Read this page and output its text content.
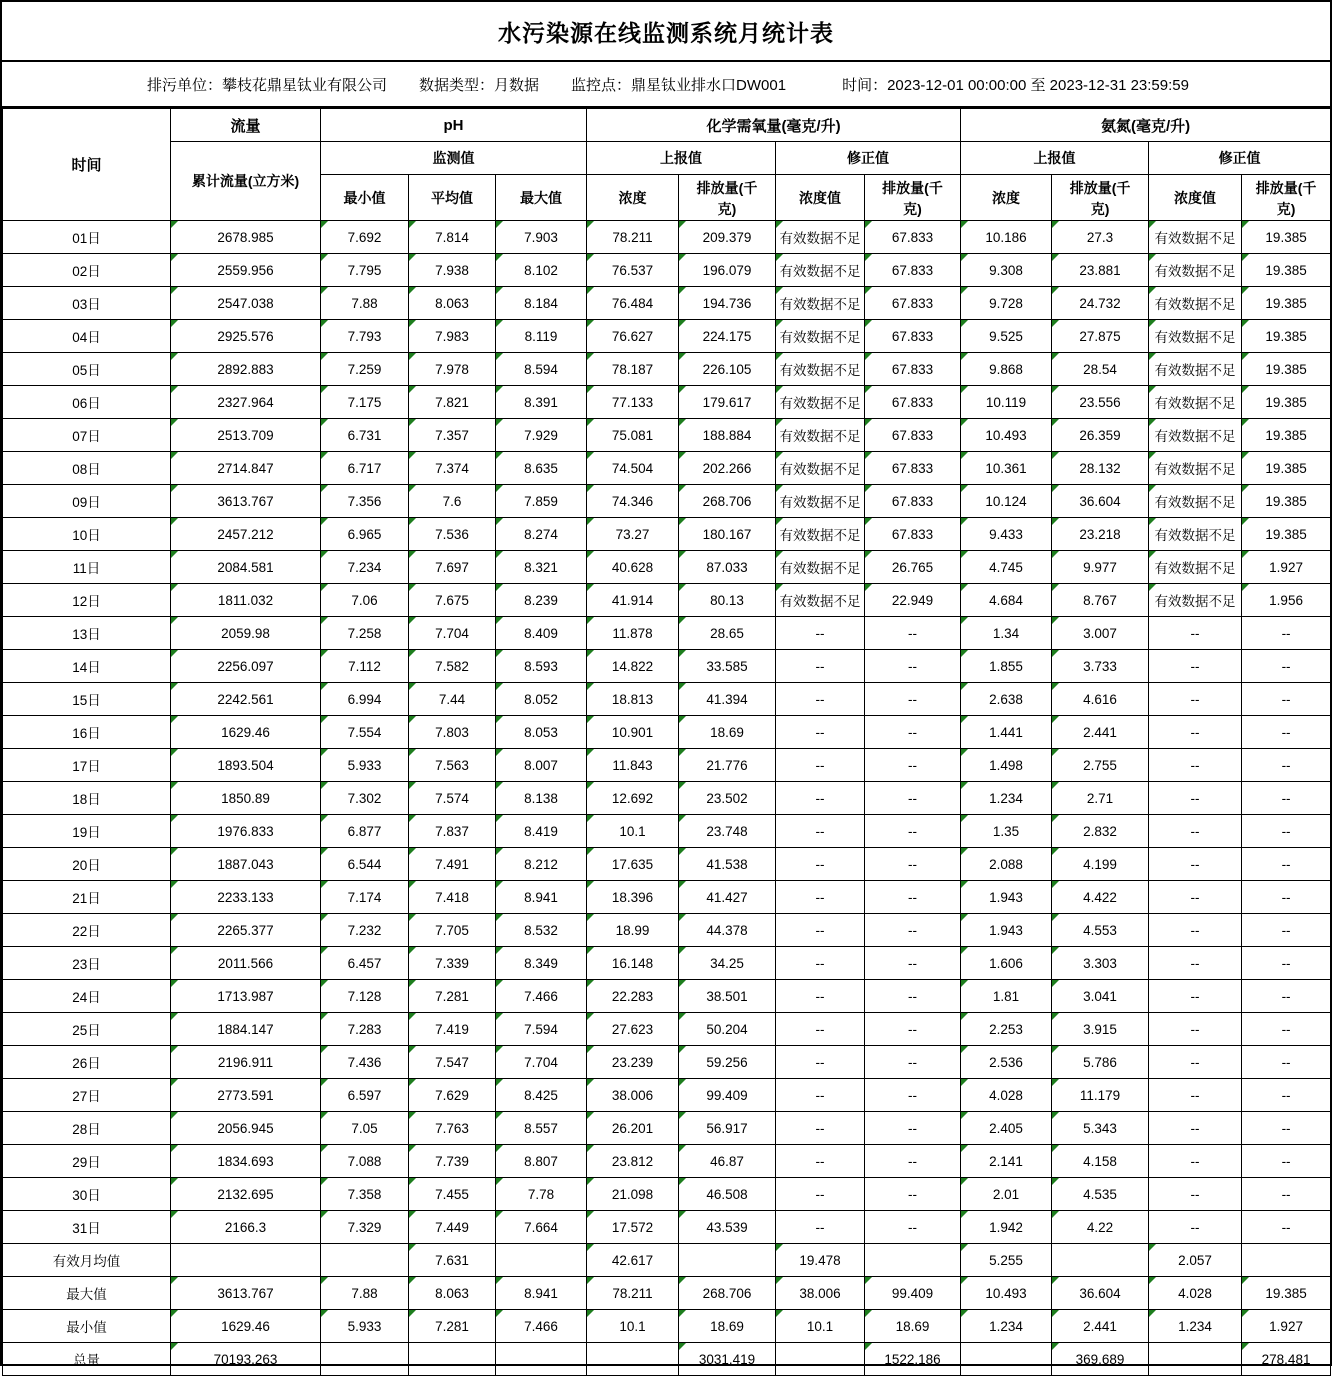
水污染源在线监测系统月统计表
排污单位：攀枝花鼎星钛业有限公司 数据类型：月数据 监控点：鼎星钛业排水口DW001	时间：2023-12-01 00:00:00 至 2023-12-31 23:59:59
时间	流量	pH			化学需氧量(毫克/升)				氨氮(毫克/升)			
	累计流量(立方米)	监测值			上报值		修正值		上报值		修正值	
		最小值	平均值	最大值	浓度	排放量(千克)	浓度值	排放量(千克)	浓度	排放量(千克)	浓度值	排放量(千克)
01日	2678.985	7.692	7.814	7.903	78.211	209.379	有效数据不足	67.833	10.186	27.3	有效数据不足	19.385
02日	2559.956	7.795	7.938	8.102	76.537	196.079	有效数据不足	67.833	9.308	23.881	有效数据不足	19.385
03日	2547.038	7.88	8.063	8.184	76.484	194.736	有效数据不足	67.833	9.728	24.732	有效数据不足	19.385
04日	2925.576	7.793	7.983	8.119	76.627	224.175	有效数据不足	67.833	9.525	27.875	有效数据不足	19.385
05日	2892.883	7.259	7.978	8.594	78.187	226.105	有效数据不足	67.833	9.868	28.54	有效数据不足	19.385
06日	2327.964	7.175	7.821	8.391	77.133	179.617	有效数据不足	67.833	10.119	23.556	有效数据不足	19.385
07日	2513.709	6.731	7.357	7.929	75.081	188.884	有效数据不足	67.833	10.493	26.359	有效数据不足	19.385
08日	2714.847	6.717	7.374	8.635	74.504	202.266	有效数据不足	67.833	10.361	28.132	有效数据不足	19.385
09日	3613.767	7.356	7.6	7.859	74.346	268.706	有效数据不足	67.833	10.124	36.604	有效数据不足	19.385
10日	2457.212	6.965	7.536	8.274	73.27	180.167	有效数据不足	67.833	9.433	23.218	有效数据不足	19.385
11日	2084.581	7.234	7.697	8.321	40.628	87.033	有效数据不足	26.765	4.745	9.977	有效数据不足	1.927
12日	1811.032	7.06	7.675	8.239	41.914	80.13	有效数据不足	22.949	4.684	8.767	有效数据不足	1.956
13日	2059.98	7.258	7.704	8.409	11.878	28.65	--	--	1.34	3.007	--	--
14日	2256.097	7.112	7.582	8.593	14.822	33.585	--	--	1.855	3.733	--	--
15日	2242.561	6.994	7.44	8.052	18.813	41.394	--	--	2.638	4.616	--	--
16日	1629.46	7.554	7.803	8.053	10.901	18.69	--	--	1.441	2.441	--	--
17日	1893.504	5.933	7.563	8.007	11.843	21.776	--	--	1.498	2.755	--	--
18日	1850.89	7.302	7.574	8.138	12.692	23.502	--	--	1.234	2.71	--	--
19日	1976.833	6.877	7.837	8.419	10.1	23.748	--	--	1.35	2.832	--	--
20日	1887.043	6.544	7.491	8.212	17.635	41.538	--	--	2.088	4.199	--	--
21日	2233.133	7.174	7.418	8.941	18.396	41.427	--	--	1.943	4.422	--	--
22日	2265.377	7.232	7.705	8.532	18.99	44.378	--	--	1.943	4.553	--	--
23日	2011.566	6.457	7.339	8.349	16.148	34.25	--	--	1.606	3.303	--	--
24日	1713.987	7.128	7.281	7.466	22.283	38.501	--	--	1.81	3.041	--	--
25日	1884.147	7.283	7.419	7.594	27.623	50.204	--	--	2.253	3.915	--	--
26日	2196.911	7.436	7.547	7.704	23.239	59.256	--	--	2.536	5.786	--	--
27日	2773.591	6.597	7.629	8.425	38.006	99.409	--	--	4.028	11.179	--	--
28日	2056.945	7.05	7.763	8.557	26.201	56.917	--	--	2.405	5.343	--	--
29日	1834.693	7.088	7.739	8.807	23.812	46.87	--	--	2.141	4.158	--	--
30日	2132.695	7.358	7.455	7.78	21.098	46.508	--	--	2.01	4.535	--	--
31日	2166.3	7.329	7.449	7.664	17.572	43.539	--	--	1.942	4.22	--	--
有效月均值			7.631		42.617		19.478		5.255		2.057	
最大值	3613.767	7.88	8.063	8.941	78.211	268.706	38.006	99.409	10.493	36.604	4.028	19.385
最小值	1629.46	5.933	7.281	7.466	10.1	18.69	10.1	18.69	1.234	2.441	1.234	1.927
总量	70193.263					3031.419		1522.186		369.689		278.481
